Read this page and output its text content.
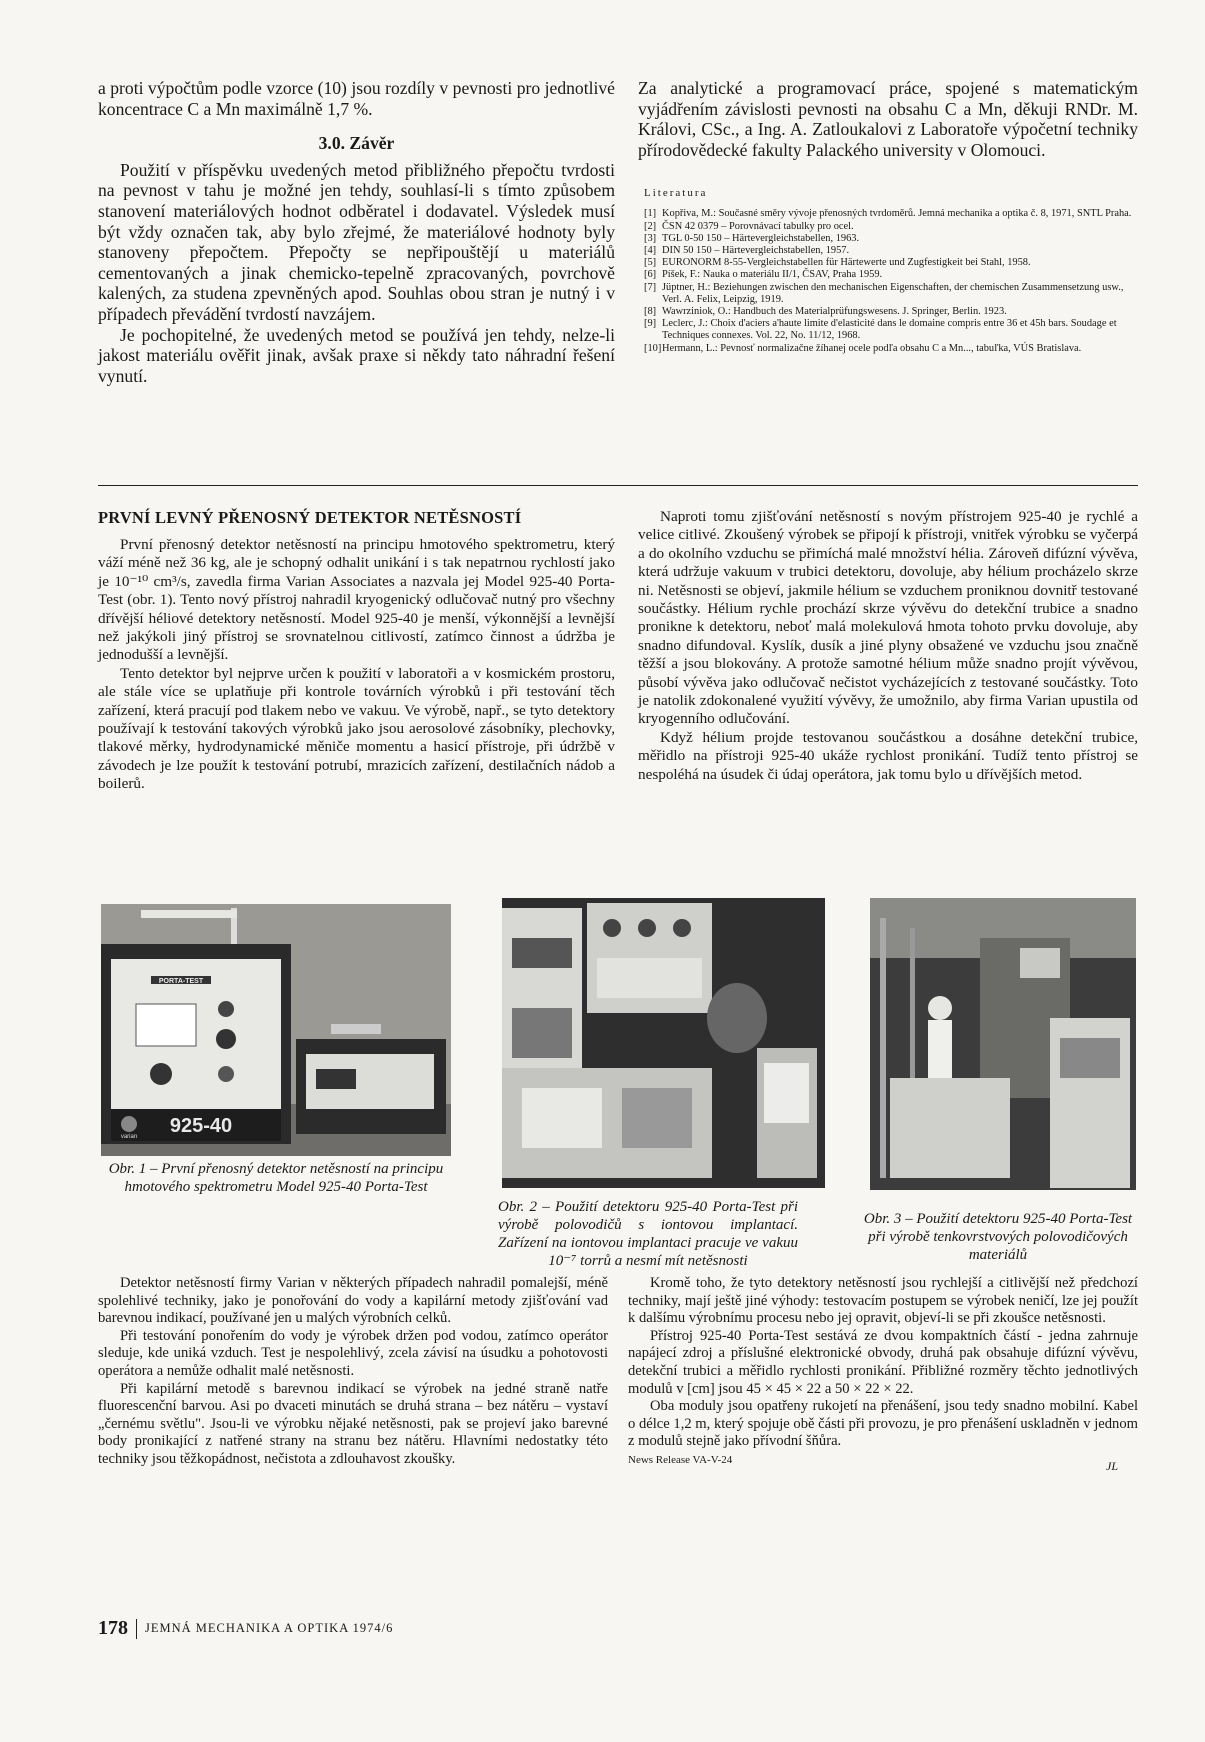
a proti výpočtům podle vzorce (10) jsou rozdíly v pevnosti pro jednotlivé koncentrace C a Mn maximálně 1,7 %.

3.0. Závěr

Použití v příspěvku uvedených metod přibližného přepočtu tvrdosti na pevnost v tahu je možné jen tehdy, souhlasí-li s tímto způsobem stanovení materiálových hodnot odběratel i dodavatel. Výsledek musí být vždy označen tak, aby bylo zřejmé, že materiálové hodnoty byly stanoveny přepočtem. Přepočty se nepřipouštějí u materiálů cementovaných a jinak chemicko-tepelně zpracovaných, povrchově kalených, za studena zpevněných apod. Souhlas obou stran je nutný i v případech převádění tvrdostí navzájem.

Je pochopitelné, že uvedených metod se používá jen tehdy, nelze-li jakost materiálu ověřit jinak, avšak praxe si někdy tato náhradní řešení vynutí.

Za analytické a programovací práce, spojené s matematickým vyjádřením závislosti pevnosti na obsahu C a Mn, děkuji RNDr. M. Královi, CSc., a Ing. A. Zatloukalovi z Laboratoře výpočetní techniky přírodovědecké fakulty Palackého university v Olomouci.

Literatura

[1] Kopřiva, M.: Současné směry vývoje přenosných tvrdoměrů. Jemná mechanika a optika č. 8, 1971, SNTL Praha.
[2] ČSN 42 0379 – Porovnávací tabulky pro ocel.
[3] TGL 0-50 150 – Härtevergleichstabellen, 1963.
[4] DIN 50 150 – Härtevergleichstabellen, 1957.
[5] EURONORM 8-55-Vergleichstabellen für Härtewerte und Zugfestigkeit bei Stahl, 1958.
[6] Píšek, F.: Nauka o materiálu II/1, ČSAV, Praha 1959.
[7] Jüptner, H.: Beziehungen zwischen den mechanischen Eigenschaften, der chemischen Zusammensetzung usw., Verl. A. Felix, Leipzig, 1919.
[8] Wawrziniok, O.: Handbuch des Materialprüfungswesens. J. Springer, Berlin. 1923.
[9] Leclerc, J.: Choix d'aciers a'haute limite d'elasticité dans le domaine compris entre 36 et 45h bars. Soudage et Techniques connexes. Vol. 22, No. 11/12, 1968.
[10] Hermann, L.: Pevnosť normalizačne žíhanej ocele podľa obsahu C a Mn..., tabuľka, VÚS Bratislava.
PRVNÍ LEVNÝ PŘENOSNÝ DETEKTOR NETĚSNOSTÍ

První přenosný detektor netěsností na principu hmotového spektrometru, který váží méně než 36 kg, ale je schopný odhalit unikání i s tak nepatrnou rychlostí jako je 10⁻¹⁰ cm³/s, zavedla firma Varian Associates a nazvala jej Model 925-40 Porta-Test (obr. 1). Tento nový přístroj nahradil kryogenický odlučovač nutný pro všechny dřívější héliové detektory netěsností. Model 925-40 je menší, výkonnější a levnější než jakýkoli jiný přístroj se srovnatelnou citlivostí, zatímco činnost a údržba je jednodušší a levnější.

Tento detektor byl nejprve určen k použití v laboratoři a v kosmickém prostoru, ale stále více se uplatňuje při kontrole továrních výrobků i při testování těch zařízení, která pracují pod tlakem nebo ve vakuu. Ve výrobě, např., se tyto detektory používají k testování takových výrobků jako jsou aerosolové zásobníky, plechovky, tlakové měrky, hydrodynamické měniče momentu a hasicí přístroje, při údržbě v závodech je lze použít k testování potrubí, mrazicích zařízení, destilačních nádob a boilerů.

Naproti tomu zjišťování netěsností s novým přístrojem 925-40 je rychlé a velice citlivé. Zkoušený výrobek se připojí k přístroji, vnitřek výrobku se vyčerpá a do okolního vzduchu se přimíchá malé množství hélia. Zároveň difúzní vývěva, která udržuje vakuum v trubici detektoru, dovoluje, aby hélium procházelo skrze ni. Netěsnosti se objeví, jakmile hélium se vzduchem proniknou dovnitř testované součástky. Hélium rychle prochází skrze vývěvu do detekční trubice a snadno pronikne k detektoru, neboť malá molekulová hmota tohoto prvku dovoluje, aby snadno difundoval. Kyslík, dusík a jiné plyny obsažené ve vzduchu jsou značně těžší a jsou blokovány. A protože samotné hélium může snadno projít vývěvou, působí vývěva jako odlučovač nečistot vycházejících z testované součástky. Toto je natolik zdokonalené využití vývěvy, že umožnilo, aby firma Varian upustila od kryogenního odlučování.

Když hélium projde testovanou součástkou a dosáhne detekční trubice, měřidlo na přístroji 925-40 ukáže rychlost pronikání. Tudíž tento přístroj se nespoléhá na úsudek či údaj operátora, jak tomu bylo u dřívějších metod.

PORTA-TEST
925-40
varian

Obr. 1 – První přenosný detektor netěsností na principu hmotového spektrometru Model 925-40 Porta-Test

Obr. 2 – Použití detektoru 925-40 Porta-Test při výrobě polovodičů s iontovou implantací. Zařízení na iontovou implantaci pracuje ve vakuu 10⁻⁷ torrů a nesmí mít netěsnosti

Obr. 3 – Použití detektoru 925-40 Porta-Test při výrobě tenkovrstvových polovodičových materiálů

Detektor netěsností firmy Varian v některých případech nahradil pomalejší, méně spolehlivé techniky, jako je ponořování do vody a kapilární metody zjišťování vad barevnou indikací, používané jen u malých výrobních celků.

Při testování ponořením do vody je výrobek držen pod vodou, zatímco operátor sleduje, kde uniká vzduch. Test je nespolehlivý, zcela závisí na úsudku a pohotovosti operátora a nemůže odhalit malé netěsnosti.

Při kapilární metodě s barevnou indikací se výrobek na jedné straně natře fluorescenční barvou. Asi po dvaceti minutách se druhá strana – bez nátěru – vystaví „černému světlu". Jsou-li ve výrobku nějaké netěsnosti, pak se projeví jako barevné body pronikající z natřené strany na stranu bez nátěru. Hlavními nedostatky této techniky jsou těžkopádnost, nečistota a zdlouhavost zkoušky.

Kromě toho, že tyto detektory netěsností jsou rychlejší a citlivější než předchozí techniky, mají ještě jiné výhody: testovacím postupem se výrobek neničí, lze jej použít k dalšímu výrobnímu procesu nebo jej opravit, objeví-li se při zkoušce netěsnosti.

Přístroj 925-40 Porta-Test sestává ze dvou kompaktních částí - jedna zahrnuje napájecí zdroj a příslušné elektronické obvody, druhá pak obsahuje difúzní vývěvu, detekční trubici a měřidlo rychlosti pronikání. Přibližné rozměry těchto jednotlivých modulů v [cm] jsou 45 × 45 × 22 a 50 × 22 × 22.

Oba moduly jsou opatřeny rukojetí na přenášení, jsou tedy snadno mobilní. Kabel o délce 1,2 m, který spojuje obě části při provozu, je pro přenášení uskladněn v jednom z modulů stejně jako přívodní šňůra.

News Release VA-V-24	JL
178 JEMNÁ MECHANIKA A OPTIKA 1974/6
